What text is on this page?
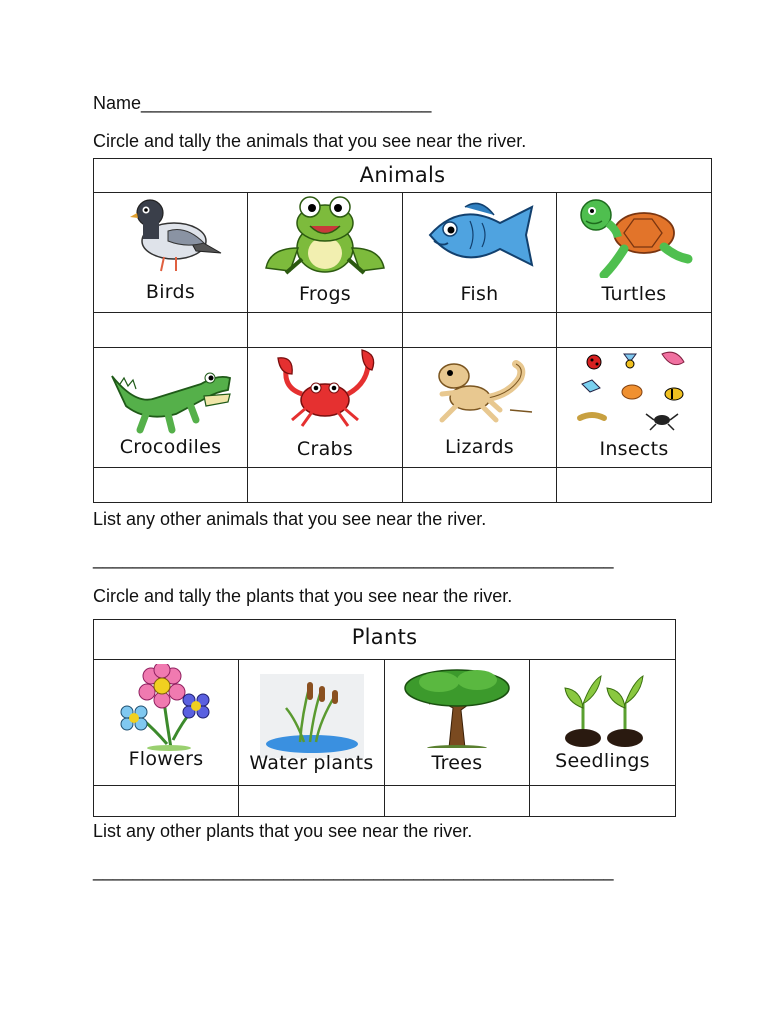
Name_____________________________
Circle and tally the animals that you see near the river.
Animals			

Birds	Frogs	Fish	Turtles

Crocodiles	Crabs	Lizards	Insects

List any other animals that you see near the river.
____________________________________________________
Circle and tally the plants that you see near the river.
Plants			

Flowers	Water plants	Trees	Seedlings

List any other plants that you see near the river.
____________________________________________________
